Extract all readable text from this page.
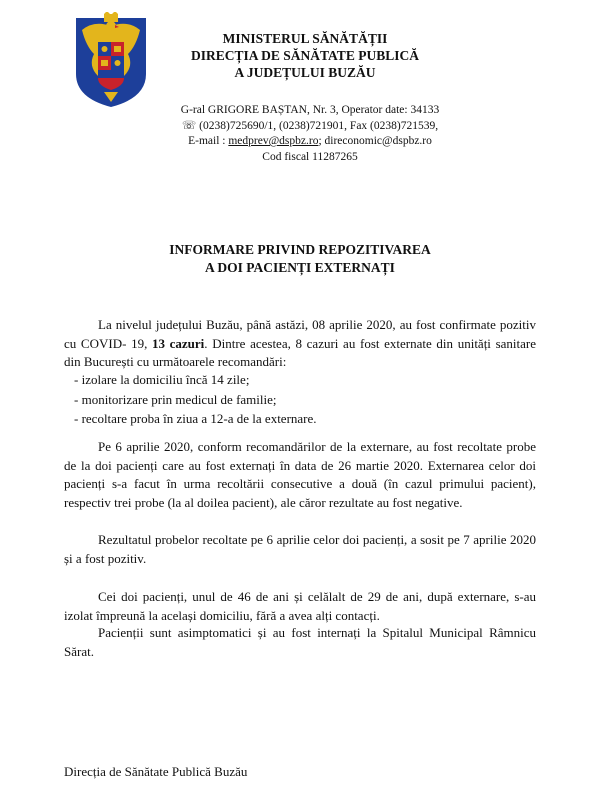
MINISTERUL SĂNĂTĂȚII
DIRECȚIA DE SĂNĂTATE PUBLICĂ
A JUDEȚULUI BUZĂU
G-ral GRIGORE BAȘTAN, Nr. 3, Operator date: 34133
☏ (0238)725690/1, (0238)721901, Fax (0238)721539,
E-mail : medprev@dspbz.ro; direconomic@dspbz.ro
Cod fiscal 11287265
INFORMARE PRIVIND REPOZITIVAREA
A DOI PACIENȚI EXTERNAȚI
La nivelul județului Buzău, până astăzi, 08 aprilie 2020, au fost confirmate pozitiv cu COVID- 19, 13 cazuri. Dintre acestea, 8 cazuri au fost externate din unități sanitare din București cu următoarele recomandări:
- izolare la domiciliu încă 14 zile;
- monitorizare prin medicul de familie;
- recoltare proba în ziua a 12-a de la externare.
Pe 6 aprilie 2020, conform recomandărilor de la externare, au fost recoltate probe de la doi pacienți care au fost externați în data de 26 martie 2020. Externarea celor doi pacienți s-a facut în urma recoltării consecutive a două (în cazul primului pacient), respectiv trei probe (la al doilea pacient), ale căror rezultate au fost negative.
Rezultatul probelor recoltate pe 6 aprilie celor doi pacienți, a sosit pe 7 aprilie 2020 și a fost pozitiv.
Cei doi pacienți, unul de 46 de ani și celălalt de 29 de ani, după externare, s-au izolat împreună la același domiciliu, fără a avea alți contacți.
Pacienții sunt asimptomatici și au fost internați la Spitalul Municipal Râmnicu Sărat.
Direcția de Sănătate Publică Buzău
